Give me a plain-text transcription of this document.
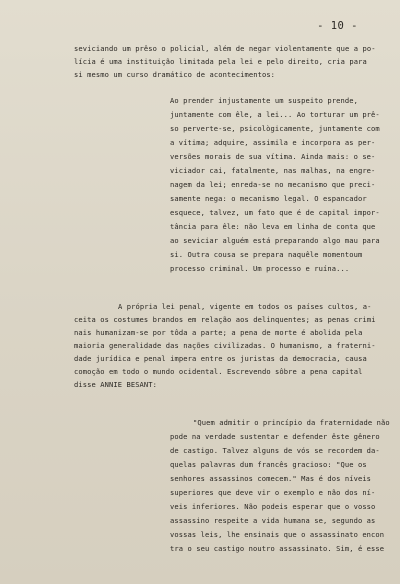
- 10 -
seviciando um prêso o policial, além de negar violentamente que a po-
lícia é uma instituição limitada pela lei e pelo direito, cria para
si mesmo um curso dramático de acontecimentos:
Ao prender injustamente um suspeito prende,
juntamente com êle, a lei... Ao torturar um prê-
so perverte-se, psicològicamente, juntamente com
a vítima; adquire, assimila e incorpora as per-
versões morais de sua vítima. Ainda mais: o se-
viciador cai, fatalmente, nas malhas, na engre-
nagem da lei; enreda-se no mecanismo que preci-
samente nega: o mecanismo legal. O espancador
esquece, talvez, um fato que é de capital impor-
tância para êle: não leva em linha de conta que
ao seviciar alguém está preparando algo mau para
si. Outra cousa se prepara naquêle momentoum
processo criminal. Um processo e ruína...
A própria lei penal, vigente em todos os países cultos, a-
ceita os costumes brandos em relação aos delinquentes; as penas crimi
nais humanizam-se por tôda a parte; a pena de morte é abolida pela
maioria generalidade das nações civilizadas. O humanismo, a fraterni-
dade jurídica e penal impera entre os juristas da democracia, causa
comoção em todo o mundo ocidental. Escrevendo sôbre a pena capital
disse ANNIE BESANT:
"Quem admitir o princípio da fraternidade não
pode na verdade sustentar e defender êste gênero
de castigo. Talvez alguns de vós se recordem da-
quelas palavras dum francês gracioso: "Que os
senhores assassinos comecem." Mas é dos níveis
superiores que deve vir o exemplo e não dos ní-
veis inferiores. Não podeis esperar que o vosso
assassino respeite a vida humana se, segundo as
vossas leis, lhe ensinais que o assassinato encon
tra o seu castigo noutro assassinato. Sim, é esse
